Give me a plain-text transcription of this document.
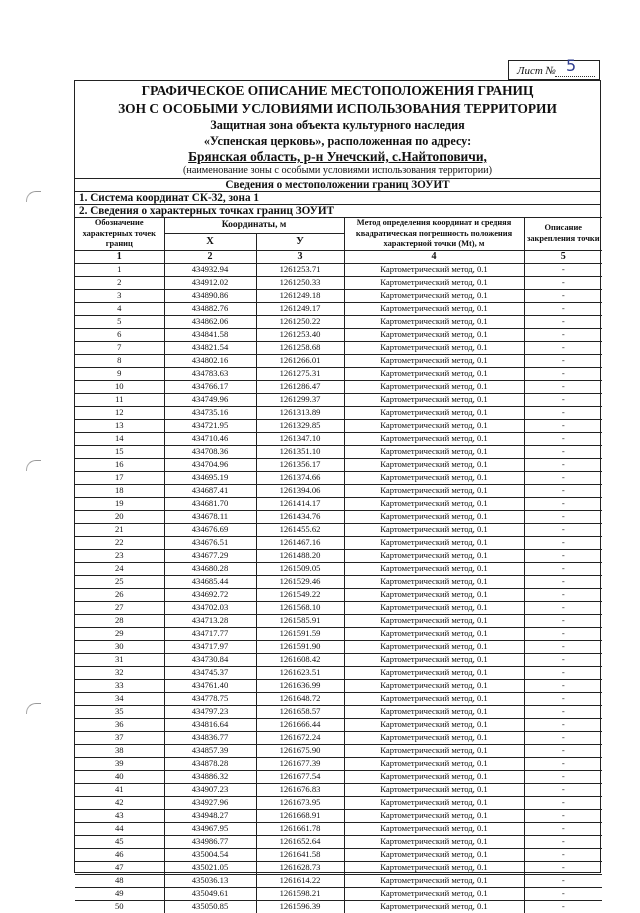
Лист № 5
ГРАФИЧЕСКОЕ ОПИСАНИЕ МЕСТОПОЛОЖЕНИЯ ГРАНИЦ
ЗОН С ОСОБЫМИ УСЛОВИЯМИ ИСПОЛЬЗОВАНИЯ ТЕРРИТОРИИ
Защитная зона объекта культурного наследия
«Успенская церковь», расположенная по адресу:
Брянская область, р-н Унечский, с.Найтоповичи,
(наименование зоны с особыми условиями использования территории)
Сведения о местоположении границ ЗОУИТ
1. Система координат СК-32, зона 1
2. Сведения о характерных точках границ ЗОУИТ
Обозначение характерных точек границ	Координаты, м		Метод определения координат и средняя квадратическая погрешность положения характерной точки (Мt), м	Описание закрепления точки
	X	У		
1	2	3	4	5
1	434932.94	1261253.71	Картометрический метод, 0.1	-
2	434912.02	1261250.33	Картометрический метод, 0.1	-
3	434890.86	1261249.18	Картометрический метод, 0.1	-
4	434882.76	1261249.17	Картометрический метод, 0.1	-
5	434862.06	1261250.22	Картометрический метод, 0.1	-
6	434841.58	1261253.40	Картометрический метод, 0.1	-
7	434821.54	1261258.68	Картометрический метод, 0.1	-
8	434802.16	1261266.01	Картометрический метод, 0.1	-
9	434783.63	1261275.31	Картометрический метод, 0.1	-
10	434766.17	1261286.47	Картометрический метод, 0.1	-
11	434749.96	1261299.37	Картометрический метод, 0.1	-
12	434735.16	1261313.89	Картометрический метод, 0.1	-
13	434721.95	1261329.85	Картометрический метод, 0.1	-
14	434710.46	1261347.10	Картометрический метод, 0.1	-
15	434708.36	1261351.10	Картометрический метод, 0.1	-
16	434704.96	1261356.17	Картометрический метод, 0.1	-
17	434695.19	1261374.66	Картометрический метод, 0.1	-
18	434687.41	1261394.06	Картометрический метод, 0.1	-
19	434681.70	1261414.17	Картометрический метод, 0.1	-
20	434678.11	1261434.76	Картометрический метод, 0.1	-
21	434676.69	1261455.62	Картометрический метод, 0.1	-
22	434676.51	1261467.16	Картометрический метод, 0.1	-
23	434677.29	1261488.20	Картометрический метод, 0.1	-
24	434680.28	1261509.05	Картометрический метод, 0.1	-
25	434685.44	1261529.46	Картометрический метод, 0.1	-
26	434692.72	1261549.22	Картометрический метод, 0.1	-
27	434702.03	1261568.10	Картометрический метод, 0.1	-
28	434713.28	1261585.91	Картометрический метод, 0.1	-
29	434717.77	1261591.59	Картометрический метод, 0.1	-
30	434717.97	1261591.90	Картометрический метод, 0.1	-
31	434730.84	1261608.42	Картометрический метод, 0.1	-
32	434745.37	1261623.51	Картометрический метод, 0.1	-
33	434761.40	1261636.99	Картометрический метод, 0.1	-
34	434778.75	1261648.72	Картометрический метод, 0.1	-
35	434797.23	1261658.57	Картометрический метод, 0.1	-
36	434816.64	1261666.44	Картометрический метод, 0.1	-
37	434836.77	1261672.24	Картометрический метод, 0.1	-
38	434857.39	1261675.90	Картометрический метод, 0.1	-
39	434878.28	1261677.39	Картометрический метод, 0.1	-
40	434886.32	1261677.54	Картометрический метод, 0.1	-
41	434907.23	1261676.83	Картометрический метод, 0.1	-
42	434927.96	1261673.95	Картометрический метод, 0.1	-
43	434948.27	1261668.91	Картометрический метод, 0.1	-
44	434967.95	1261661.78	Картометрический метод, 0.1	-
45	434986.77	1261652.64	Картометрический метод, 0.1	-
46	435004.54	1261641.58	Картометрический метод, 0.1	-
47	435021.05	1261628.73	Картометрический метод, 0.1	-
48	435036.13	1261614.22	Картометрический метод, 0.1	-
49	435049.61	1261598.21	Картометрический метод, 0.1	-
50	435050.85	1261596.39	Картометрический метод, 0.1	-
